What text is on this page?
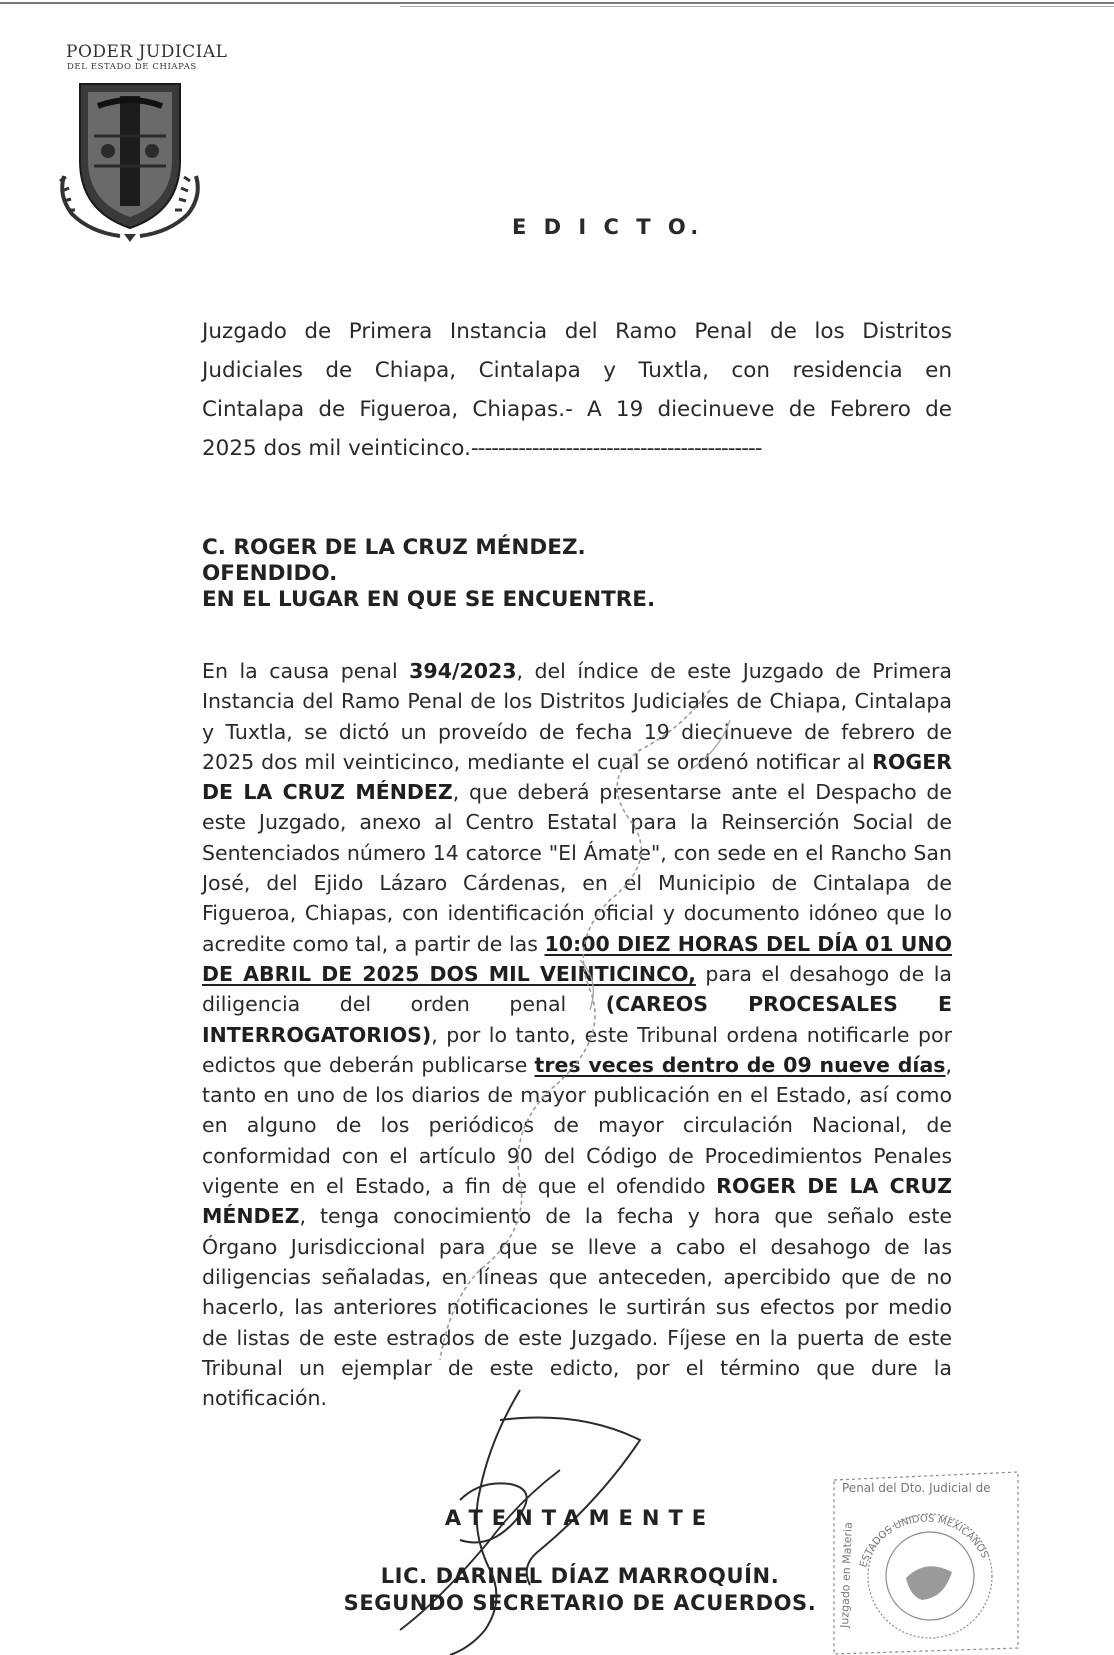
PODER JUDICIAL
DEL ESTADO DE CHIAPAS
E D I C T O.
Juzgado de Primera Instancia del Ramo Penal de los Distritos
Judiciales de Chiapa, Cintalapa y Tuxtla, con residencia en
Cintalapa de Figueroa, Chiapas.- A 19 diecinueve de Febrero de
2025 dos mil veinticinco.-------------------------------------------
C. ROGER DE LA CRUZ MÉNDEZ.
OFENDIDO.
EN EL LUGAR EN QUE SE ENCUENTRE.
En la causa penal 394/2023, del índice de este Juzgado de Primera Instancia del Ramo Penal de los Distritos Judiciales de Chiapa, Cintalapa y Tuxtla, se dictó un proveído de fecha 19 diecinueve de febrero de 2025 dos mil veinticinco, mediante el cual se ordenó notificar al ROGER DE LA CRUZ MÉNDEZ, que deberá presentarse ante el Despacho de este Juzgado, anexo al Centro Estatal para la Reinserción Social de Sentenciados número 14 catorce "El Ámate", con sede en el Rancho San José, del Ejido Lázaro Cárdenas, en el Municipio de Cintalapa de Figueroa, Chiapas, con identificación oficial y documento idóneo que lo acredite como tal, a partir de las 10:00 DIEZ HORAS DEL DÍA 01 UNO DE ABRIL DE 2025 DOS MIL VEINTICINCO, para el desahogo de la diligencia del orden penal (CAREOS PROCESALES E INTERROGATORIOS), por lo tanto, este Tribunal ordena notificarle por edictos que deberán publicarse tres veces dentro de 09 nueve días, tanto en uno de los diarios de mayor publicación en el Estado, así como en alguno de los periódicos de mayor circulación Nacional, de conformidad con el artículo 90 del Código de Procedimientos Penales vigente en el Estado, a fin de que el ofendido ROGER DE LA CRUZ MÉNDEZ, tenga conocimiento de la fecha y hora que señalo este Órgano Jurisdiccional para que se lleve a cabo el desahogo de las diligencias señaladas, en líneas que anteceden, apercibido que de no hacerlo, las anteriores notificaciones le surtirán sus efectos por medio de listas de este estrados de este Juzgado. Fíjese en la puerta de este Tribunal un ejemplar de este edicto, por el término que dure la notificación.
ATENTAMENTE
LIC. DARINEL DÍAZ MARROQUÍN.
SEGUNDO SECRETARIO DE ACUERDOS.
Penal del Dto. Judicial de
Juzgado en Materia ESTADOS UNIDOS MEXICANOS
